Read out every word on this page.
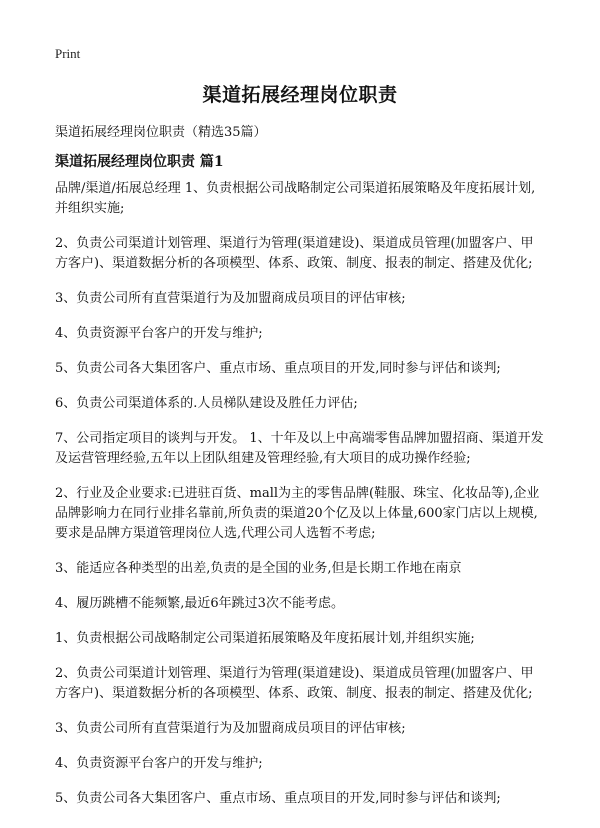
Print
渠道拓展经理岗位职责

渠道拓展经理岗位职责（精选35篇）

渠道拓展经理岗位职责 篇1

品牌/渠道/拓展总经理 1、负责根据公司战略制定公司渠道拓展策略及年度拓展计划,并组织实施;

2、负责公司渠道计划管理、渠道行为管理(渠道建设)、渠道成员管理(加盟客户、甲方客户)、渠道数据分析的各项模型、体系、政策、制度、报表的制定、搭建及优化;

3、负责公司所有直营渠道行为及加盟商成员项目的评估审核;

4、负责资源平台客户的开发与维护;

5、负责公司各大集团客户、重点市场、重点项目的开发,同时参与评估和谈判;

6、负责公司渠道体系的.人员梯队建设及胜任力评估;

7、公司指定项目的谈判与开发。 1、十年及以上中高端零售品牌加盟招商、渠道开发及运营管理经验,五年以上团队组建及管理经验,有大项目的成功操作经验;

2、行业及企业要求:已进驻百货、mall为主的零售品牌(鞋服、珠宝、化妆品等),企业品牌影响力在同行业排名靠前,所负责的渠道20个亿及以上体量,600家门店以上规模,要求是品牌方渠道管理岗位人选,代理公司人选暂不考虑;

3、能适应各种类型的出差,负责的是全国的业务,但是长期工作地在南京

4、履历跳槽不能频繁,最近6年跳过3次不能考虑。

1、负责根据公司战略制定公司渠道拓展策略及年度拓展计划,并组织实施;

2、负责公司渠道计划管理、渠道行为管理(渠道建设)、渠道成员管理(加盟客户、甲方客户)、渠道数据分析的各项模型、体系、政策、制度、报表的制定、搭建及优化;

3、负责公司所有直营渠道行为及加盟商成员项目的评估审核;

4、负责资源平台客户的开发与维护;

5、负责公司各大集团客户、重点市场、重点项目的开发,同时参与评估和谈判;
